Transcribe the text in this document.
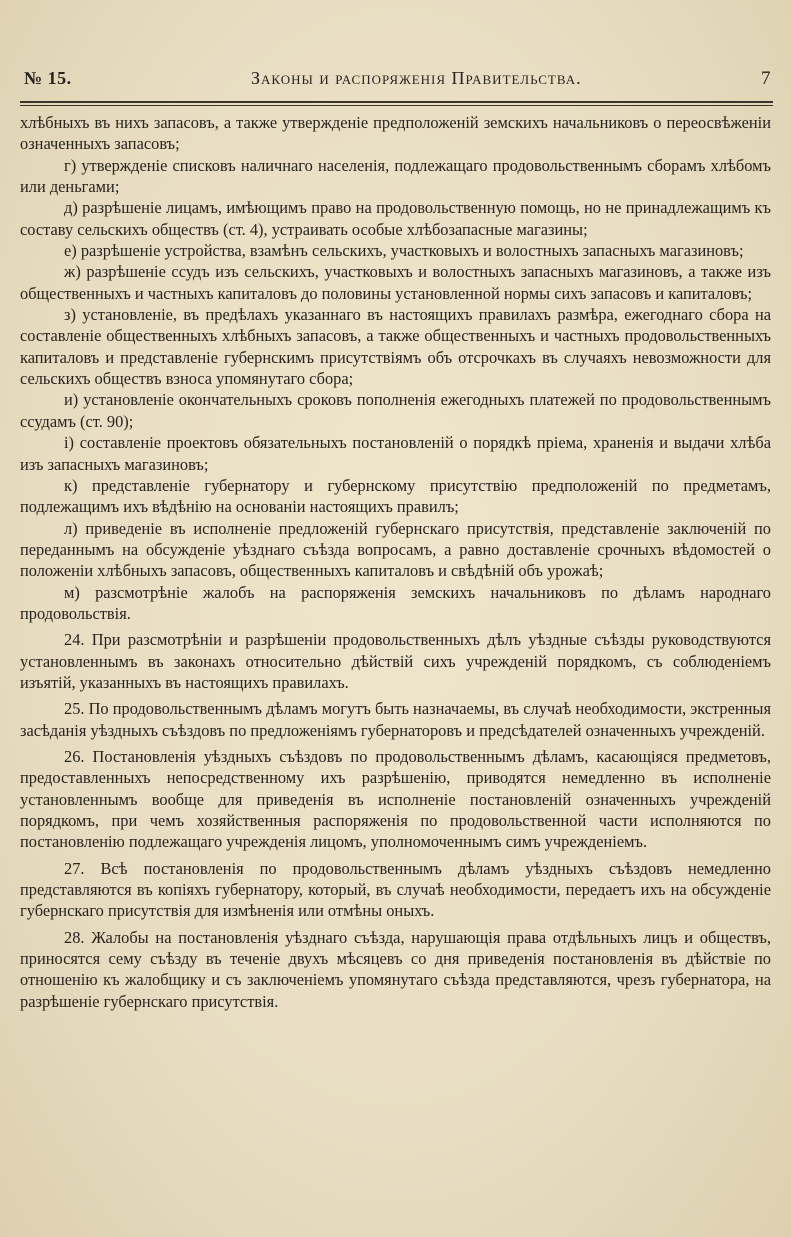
№ 15.	Законы и распоряженія Правительства.	7

хлѣбныхъ въ нихъ запасовъ, а также утвержденіе предположеній земскихъ начальниковъ о переосвѣженіи означенныхъ запасовъ;

г) утвержденіе списковъ наличнаго населенія, подлежащаго продовольственнымъ сборамъ хлѣбомъ или деньгами;

д) разрѣшеніе лицамъ, имѣющимъ право на продовольственную помощь, но не принадлежащимъ къ составу сельскихъ обществъ (ст. 4), устраивать особые хлѣбозапасные магазины;

е) разрѣшеніе устройства, взамѣнъ сельскихъ, участковыхъ и волостныхъ запасныхъ магазиновъ;

ж) разрѣшеніе ссудъ изъ сельскихъ, участковыхъ и волостныхъ запасныхъ магазиновъ, а также изъ общественныхъ и частныхъ капиталовъ до половины установленной нормы сихъ запасовъ и капиталовъ;

з) установленіе, въ предѣлахъ указаннаго въ настоящихъ правилахъ размѣра, ежегоднаго сбора на составленіе общественныхъ хлѣбныхъ запасовъ, а также общественныхъ и частныхъ продовольственныхъ капиталовъ и представленіе губернскимъ присутствіямъ объ отсрочкахъ въ случаяхъ невозможности для сельскихъ обществъ взноса упомянутаго сбора;

и) установленіе окончательныхъ сроковъ пополненія ежегодныхъ платежей по продовольственнымъ ссудамъ (ст. 90);

і) составленіе проектовъ обязательныхъ постановленій о порядкѣ пріема, храненія и выдачи хлѣба изъ запасныхъ магазиновъ;

к) представленіе губернатору и губернскому присутствію предположеній по предметамъ, подлежащимъ ихъ вѣдѣнію на основаніи настоящихъ правилъ;

л) приведеніе въ исполненіе предложеній губернскаго присутствія, представленіе заключеній по переданнымъ на обсужденіе уѣзднаго съѣзда вопросамъ, а равно доставленіе срочныхъ вѣдомостей о положеніи хлѣбныхъ запасовъ, общественныхъ капиталовъ и свѣдѣній объ урожаѣ;

м) разсмотрѣніе жалобъ на распоряженія земскихъ начальниковъ по дѣламъ народнаго продовольствія.

24. При разсмотрѣніи и разрѣшеніи продовольственныхъ дѣлъ уѣздные съѣзды руководствуются установленнымъ въ законахъ относительно дѣйствій сихъ учрежденій порядкомъ, съ соблюденіемъ изъятій, указанныхъ въ настоящихъ правилахъ.

25. По продовольственнымъ дѣламъ могутъ быть назначаемы, въ случаѣ необходимости, экстренныя засѣданія уѣздныхъ съѣздовъ по предложеніямъ губернаторовъ и предсѣдателей означенныхъ учрежденій.

26. Постановленія уѣздныхъ съѣздовъ по продовольственнымъ дѣламъ, касающіяся предметовъ, предоставленныхъ непосредственному ихъ разрѣшенію, приводятся немедленно въ исполненіе установленнымъ вообще для приведенія въ исполненіе постановленій означенныхъ учрежденій порядкомъ, при чемъ хозяйственныя распоряженія по продовольственной части исполняются по постановленію подлежащаго учрежденія лицомъ, уполномоченнымъ симъ учрежденіемъ.

27. Всѣ постановленія по продовольственнымъ дѣламъ уѣздныхъ съѣздовъ немедленно представляются въ копіяхъ губернатору, который, въ случаѣ необходимости, передаетъ ихъ на обсужденіе губернскаго присутствія для измѣненія или отмѣны оныхъ.

28. Жалобы на постановленія уѣзднаго съѣзда, нарушающія права отдѣльныхъ лицъ и обществъ, приносятся сему съѣзду въ теченіе двухъ мѣсяцевъ со дня приведенія постановленія въ дѣйствіе по отношенію къ жалобщику и съ заключеніемъ упомянутаго съѣзда представляются, чрезъ губернатора, на разрѣшеніе губернскаго присутствія.
